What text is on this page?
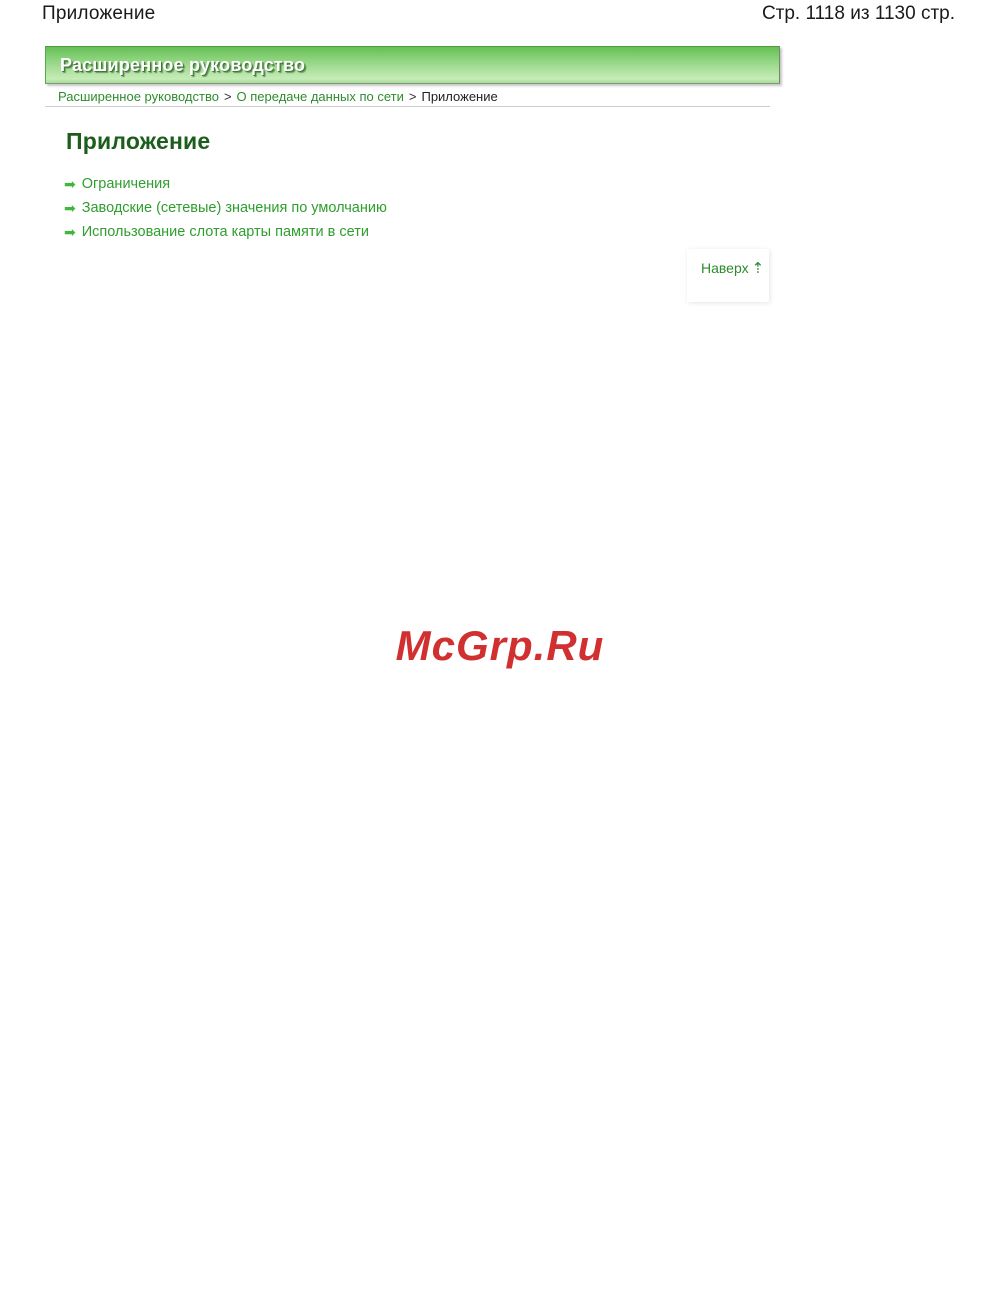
Приложение	Стр. 1118 из 1130 стр.
Расширенное руководство
Расширенное руководство > О передаче данных по сети > Приложение
Приложение
➡ Ограничения
➡ Заводские (сетевые) значения по умолчанию
➡ Использование слота карты памяти в сети
Наверх ⇡
McGrp.Ru
